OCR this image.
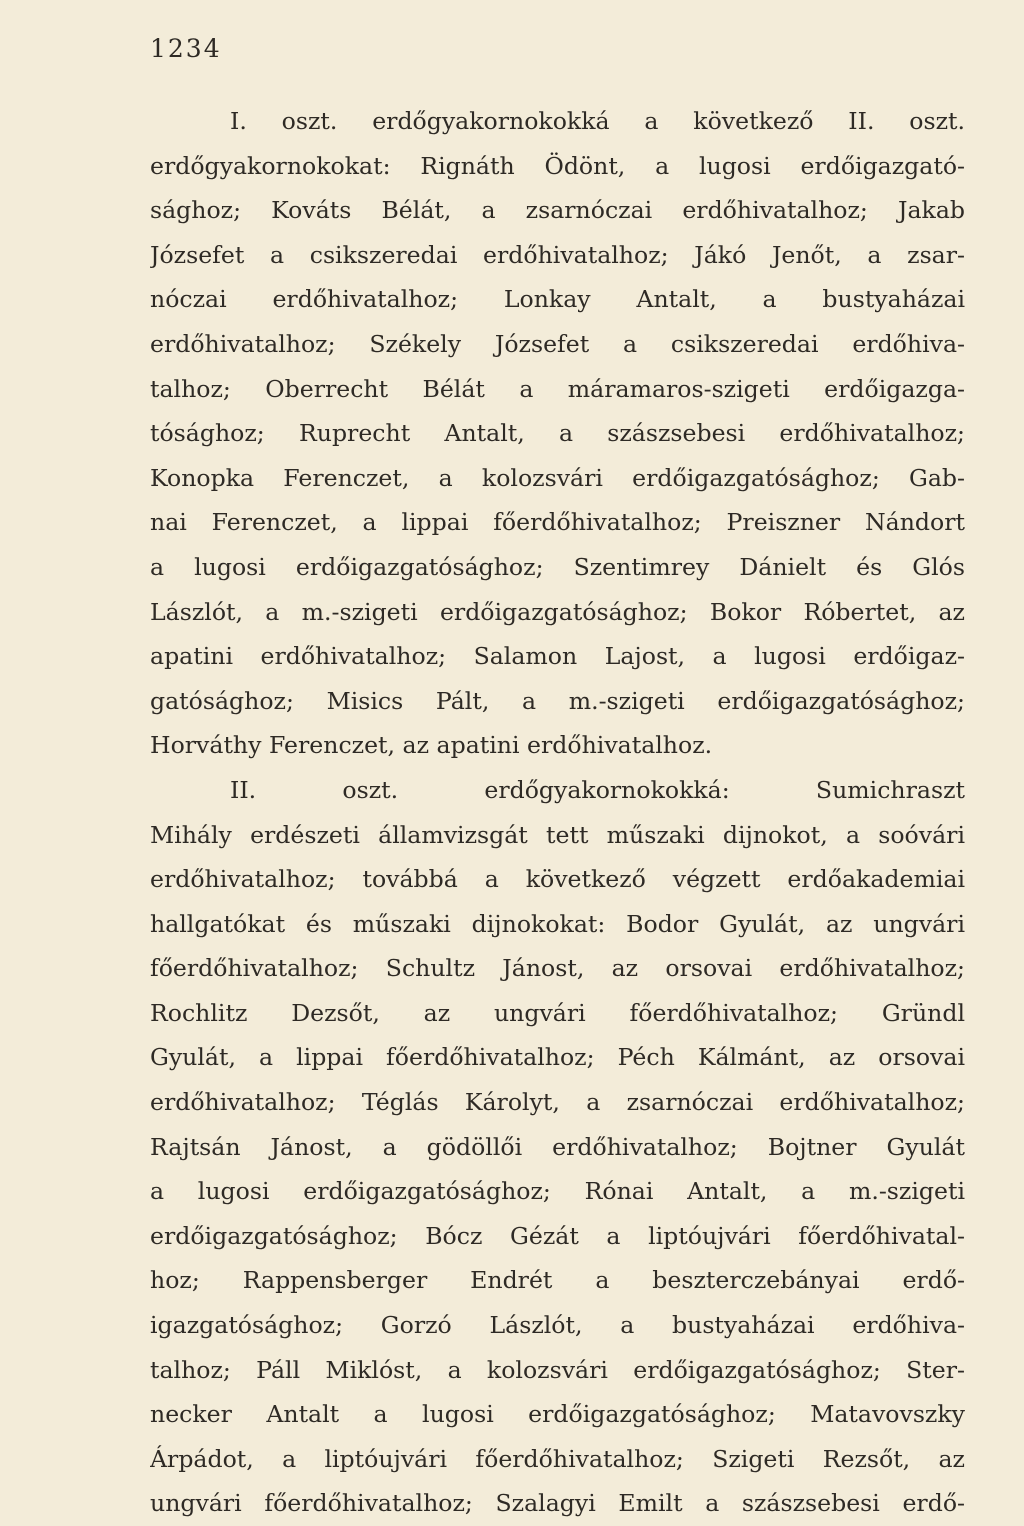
1234
I. oszt. erdőgyakornokokká a következő II. oszt.
erdőgyakornokokat: Rignáth Ödönt, a lugosi erdőigazgató-
sághoz; Kováts Bélát, a zsarnóczai erdőhivatalhoz; Jakab
Józsefet a csikszeredai erdőhivatalhoz; Jákó Jenőt, a zsar-
nóczai erdőhivatalhoz; Lonkay Antalt, a bustyaházai
erdőhivatalhoz; Székely Józsefet a csikszeredai erdőhiva-
talhoz; Oberrecht Bélát a máramaros-szigeti erdőigazga-
tósághoz; Ruprecht Antalt, a szászsebesi erdőhivatalhoz;
Konopka Ferenczet, a kolozsvári erdőigazgatósághoz; Gab-
nai Ferenczet, a lippai főerdőhivatalhoz; Preiszner Nándort
a lugosi erdőigazgatósághoz; Szentimrey Dánielt és Glós
Lászlót, a m.-szigeti erdőigazgatósághoz; Bokor Róbertet, az
apatini erdőhivatalhoz; Salamon Lajost, a lugosi erdőigaz-
gatósághoz; Misics Pált, a m.-szigeti erdőigazgatósághoz;
Horváthy Ferenczet, az apatini erdőhivatalhoz.
II. oszt. erdőgyakornokokká: Sumichraszt
Mihály erdészeti államvizsgát tett műszaki dijnokot, a soóvári
erdőhivatalhoz; továbbá a következő végzett erdőakademiai
hallgatókat és műszaki dijnokokat: Bodor Gyulát, az ungvári
főerdőhivatalhoz; Schultz Jánost, az orsovai erdőhivatalhoz;
Rochlitz Dezsőt, az ungvári főerdőhivatalhoz; Gründl
Gyulát, a lippai főerdőhivatalhoz; Péch Kálmánt, az orsovai
erdőhivatalhoz; Téglás Károlyt, a zsarnóczai erdőhivatalhoz;
Rajtsán Jánost, a gödöllői erdőhivatalhoz; Bojtner Gyulát
a lugosi erdőigazgatósághoz; Rónai Antalt, a m.-szigeti
erdőigazgatósághoz; Bócz Gézát a liptóujvári főerdőhivatal-
hoz; Rappensberger Endrét a beszterczebányai erdő-
igazgatósághoz; Gorzó Lászlót, a bustyaházai erdőhiva-
talhoz; Páll Miklóst, a kolozsvári erdőigazgatósághoz; Ster-
necker Antalt a lugosi erdőigazgatósághoz; Matavovszky
Árpádot, a liptóujvári főerdőhivatalhoz; Szigeti Rezsőt, az
ungvári főerdőhivatalhoz; Szalagyi Emilt a szászsebesi erdő-
